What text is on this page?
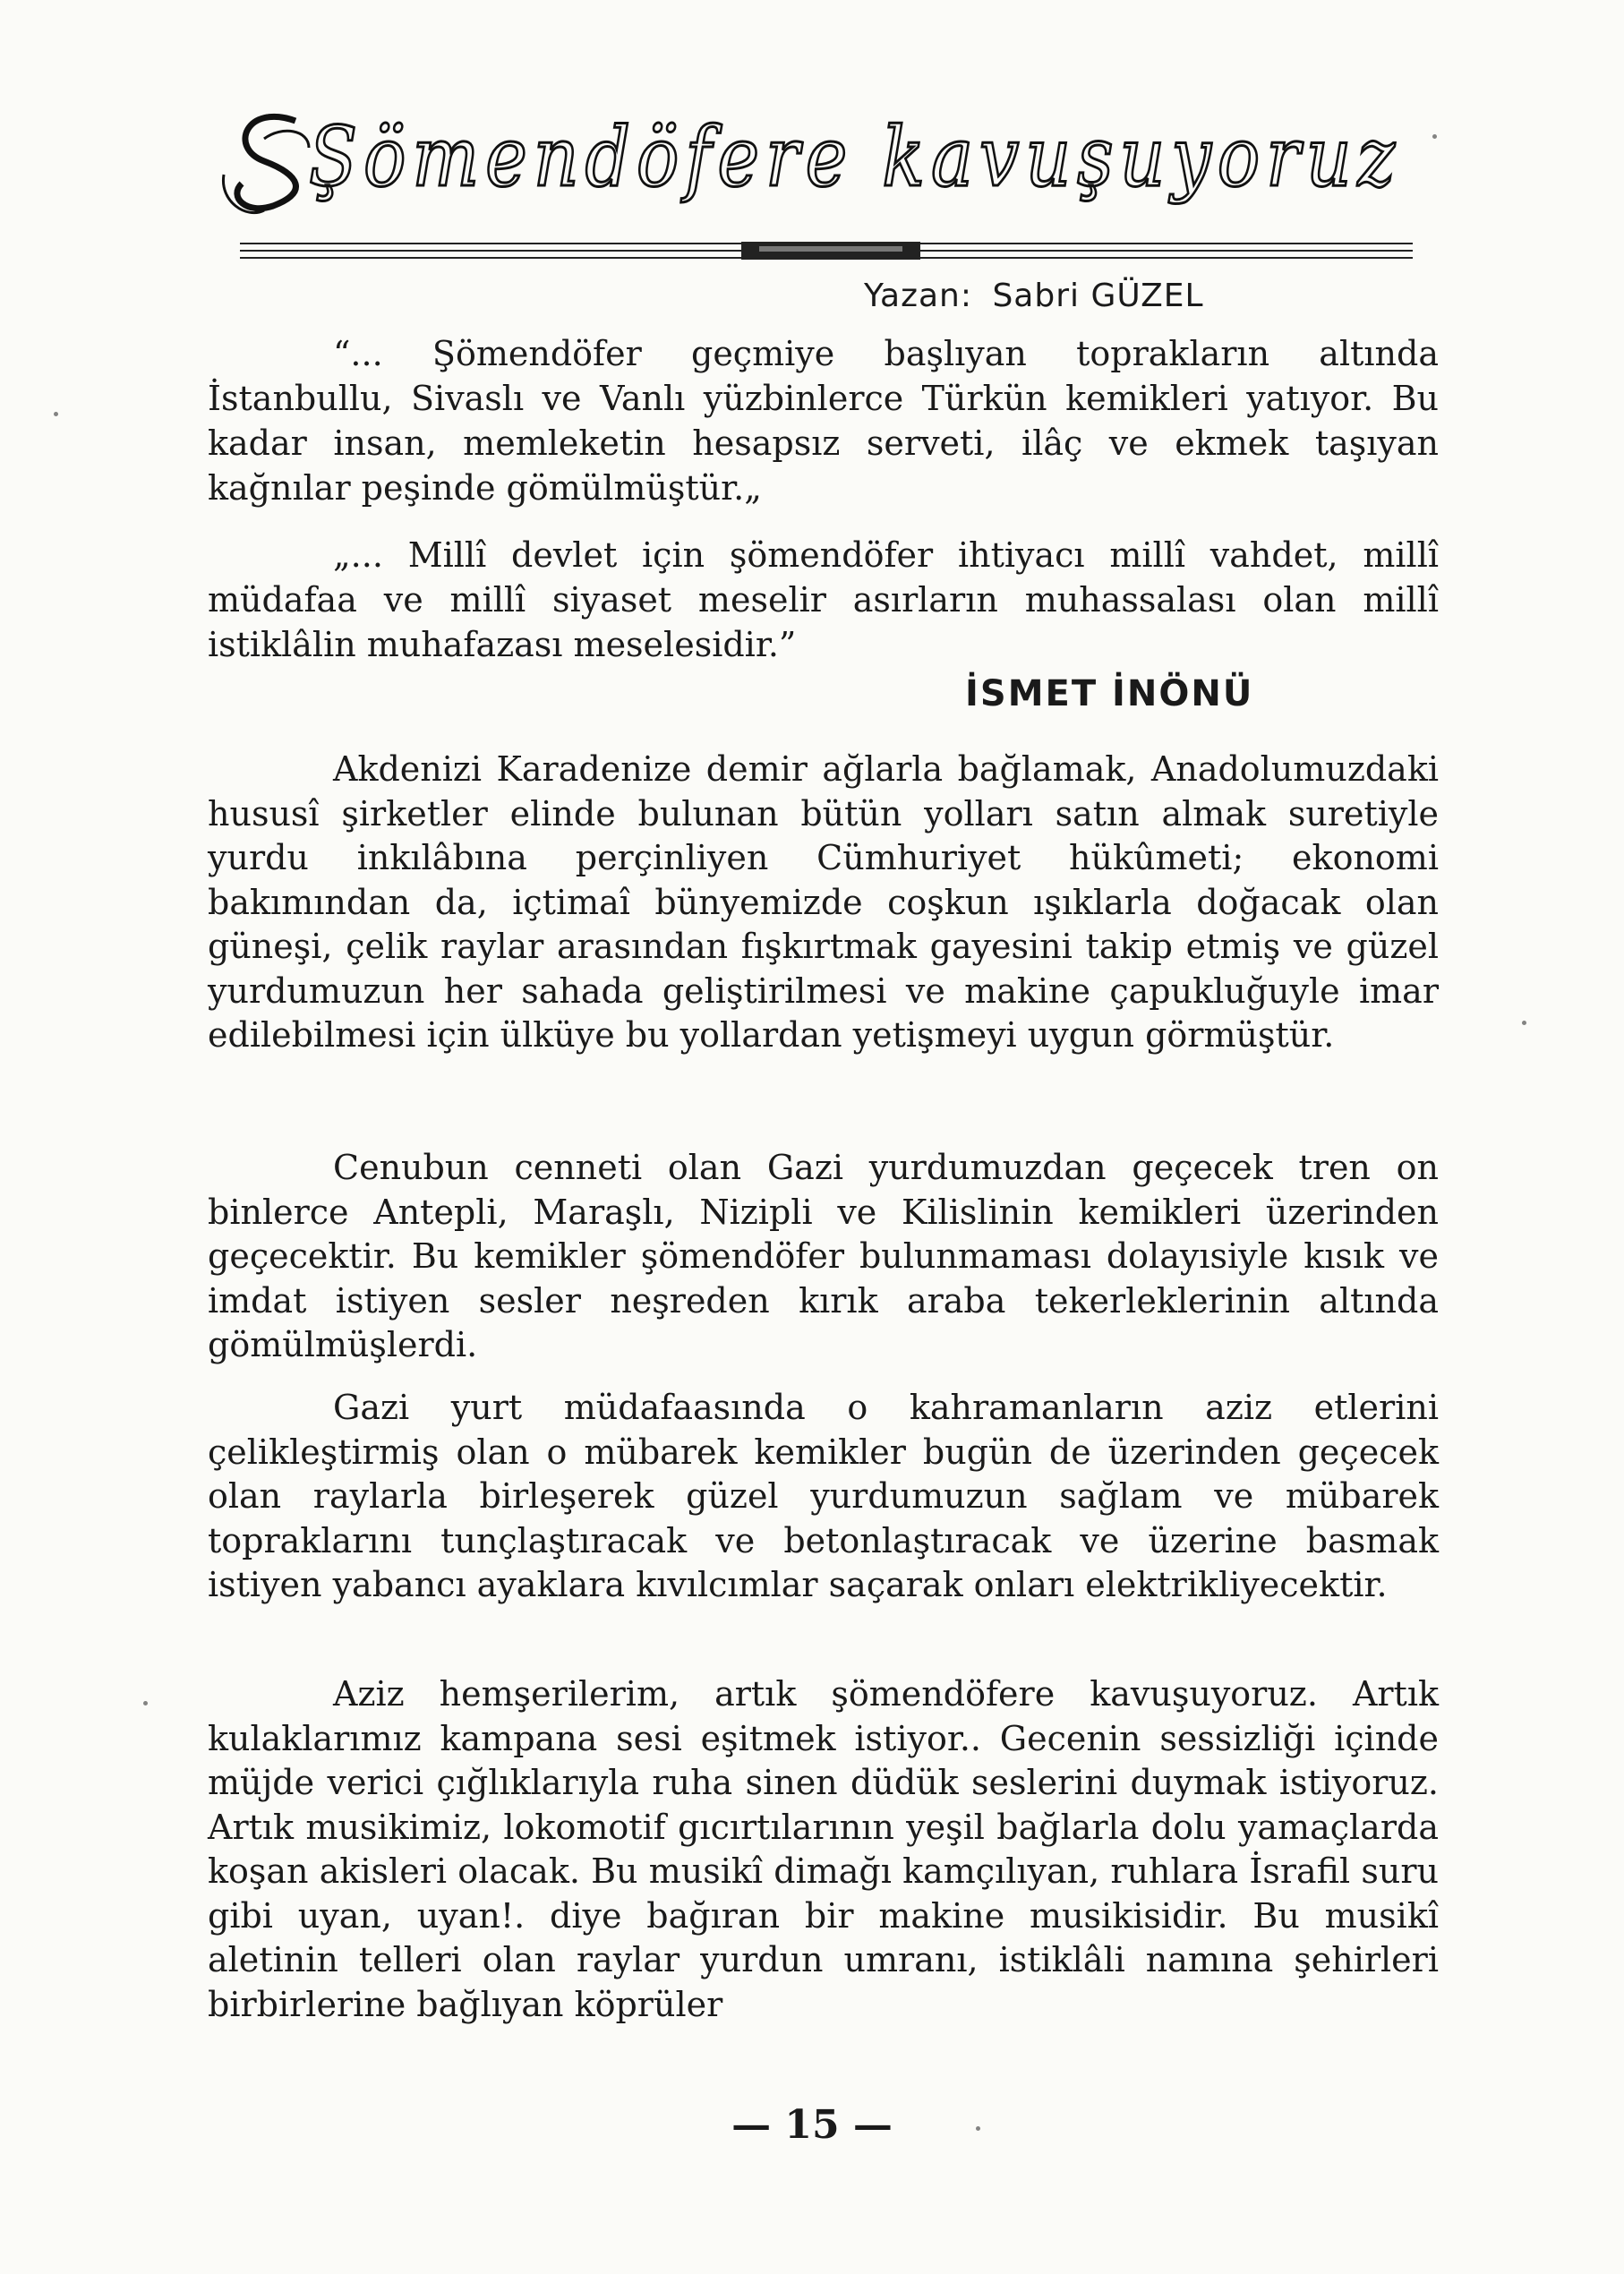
Şömendöfere kavuşuyoruz
Yazan: Sabri GÜZEL

“... Şömendöfer geçmiye başlıyan toprakların altında İstanbullu, Sivaslı ve Vanlı yüzbinlerce Türkün kemikleri yatıyor. Bu kadar insan, memleketin hesapsız serveti, ilâç ve ekmek taşıyan kağnılar peşinde gömülmüştür.„

„... Millî devlet için şömendöfer ihtiyacı millî vahdet, millî müdafaa ve millî siyaset meselir asırların muhassalası olan millî istiklâlin muhafazası meselesidir.”

İSMET İNÖNÜ

Akdenizi Karadenize demir ağlarla bağlamak, Anadolumuzdaki hususî şirketler elinde bulunan bütün yolları satın almak suretiyle yurdu inkılâbına perçinliyen Cümhuriyet hükûmeti; ekonomi bakımından da, içtimaî bünyemizde coşkun ışıklarla doğacak olan güneşi, çelik raylar arasından fışkırtmak gayesini takip etmiş ve güzel yurdumuzun her sahada geliştirilmesi ve makine çapukluğuyle imar edilebilmesi için ülküye bu yollardan yetişmeyi uygun görmüştür.

Cenubun cenneti olan Gazi yurdumuzdan geçecek tren on binlerce Antepli, Maraşlı, Nizipli ve Kilislinin kemikleri üzerinden geçecektir. Bu kemikler şömendöfer bulunmaması dolayısiyle kısık ve imdat istiyen sesler neşreden kırık araba tekerleklerinin altında gömülmüşlerdi.

Gazi yurt müdafaasında o kahramanların aziz etlerini çelikleştirmiş olan o mübarek kemikler bugün de üzerinden geçecek olan raylarla birleşerek güzel yurdumuzun sağlam ve mübarek topraklarını tunçlaştıracak ve betonlaştıracak ve üzerine basmak istiyen yabancı ayaklara kıvılcımlar saçarak onları elektrikliyecektir.

Aziz hemşerilerim, artık şömendöfere kavuşuyoruz. Artık kulaklarımız kampana sesi eşitmek istiyor.. Gecenin sessizliği içinde müjde verici çığlıklarıyla ruha sinen düdük seslerini duymak istiyoruz. Artık musikimiz, lokomotif gıcırtılarının yeşil bağlarla dolu yamaçlarda koşan akisleri olacak. Bu musikî dimağı kamçılıyan, ruhlara İsrafil suru gibi uyan, uyan!. diye bağıran bir makine musikisidir. Bu musikî aletinin telleri olan raylar yurdun umranı, istiklâli namına şehirleri birbirlerine bağlıyan köprüler

— 15 —
